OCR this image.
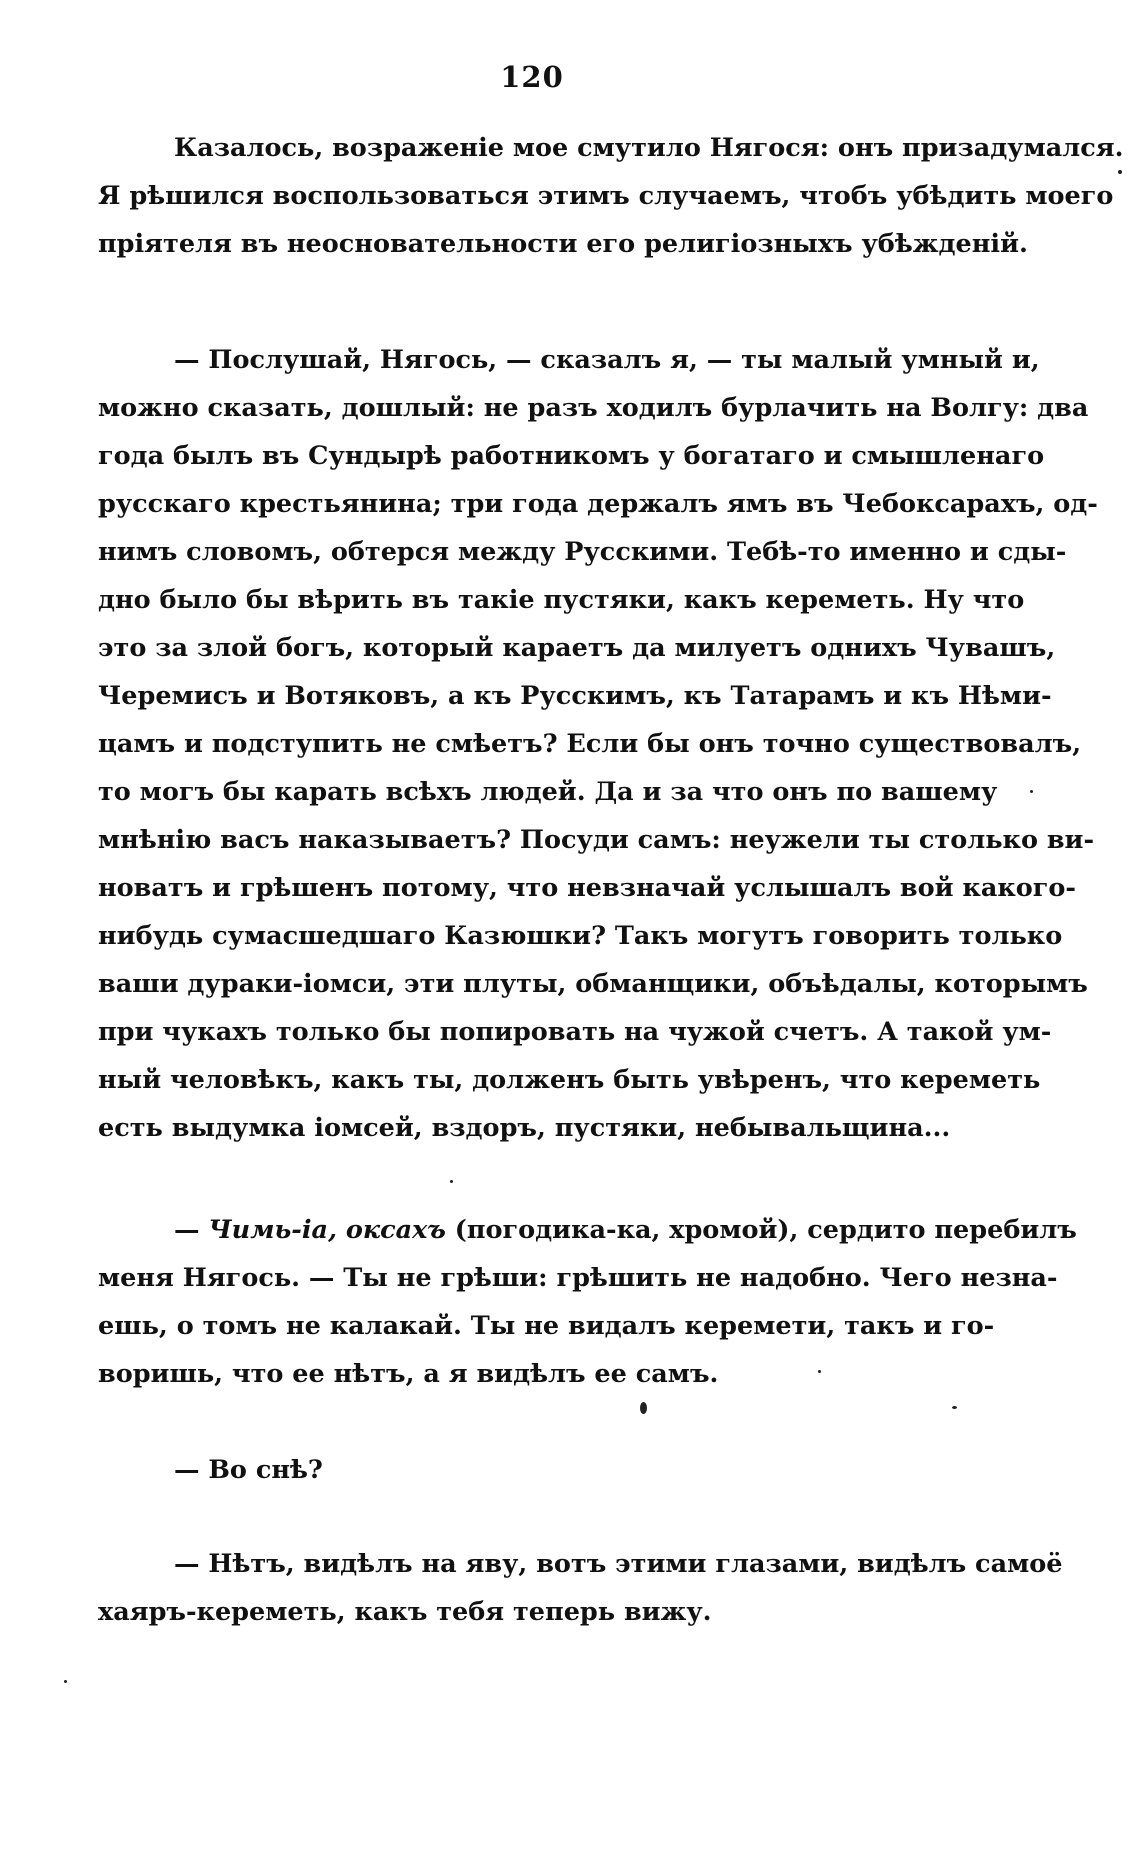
120
Казалось, возраженіе мое смутило Нягося: онъ призадумался.
Я рѣшился воспользоваться этимъ случаемъ, чтобъ убѣдить моего
пріятеля въ неосновательности его религіозныхъ убѣжденій.
— Послушай, Нягось, — сказалъ я, — ты малый умный и,
можно сказать, дошлый: не разъ ходилъ бурлачить на Волгу: два
года былъ въ Сундырѣ работникомъ у богатаго и смышленаго
русскаго крестьянина; три года держалъ ямъ въ Чебоксарахъ, од-
нимъ словомъ, обтерся между Русскими. Тебѣ-то именно и сды-
дно было бы вѣрить въ такіе пустяки, какъ кереметь. Ну что
это за злой богъ, который караетъ да милуетъ однихъ Чувашъ,
Черемисъ и Вотяковъ, а къ Русскимъ, къ Татарамъ и къ Нѣми-
цамъ и подступить не смѣетъ? Если бы онъ точно существовалъ,
то могъ бы карать всѣхъ людей. Да и за что онъ по вашему
мнѣнію васъ наказываетъ? Посуди самъ: неужели ты столько ви-
новатъ и грѣшенъ потому, что невзначай услышалъ вой какого-
нибудь сумасшедшаго Казюшки? Такъ могутъ говорить только
ваши дураки-іомси, эти плуты, обманщики, объѣдалы, которымъ
при чукахъ только бы попировать на чужой счетъ. А такой ум-
ный человѣкъ, какъ ты, долженъ быть увѣренъ, что кереметь
есть выдумка іомсей, вздоръ, пустяки, небывальщина...
— Чимь-іа, оксахъ (погодика-ка, хромой), сердито перебилъ
меня Нягось. — Ты не грѣши: грѣшить не надобно. Чего незна-
ешь, о томъ не калакай. Ты не видалъ керемети, такъ и го-
воришь, что ее нѣтъ, а я видѣлъ ее самъ.
— Во снѣ?
— Нѣтъ, видѣлъ на яву, вотъ этими глазами, видѣлъ самоё
хаяръ-кереметь, какъ тебя теперь вижу.
